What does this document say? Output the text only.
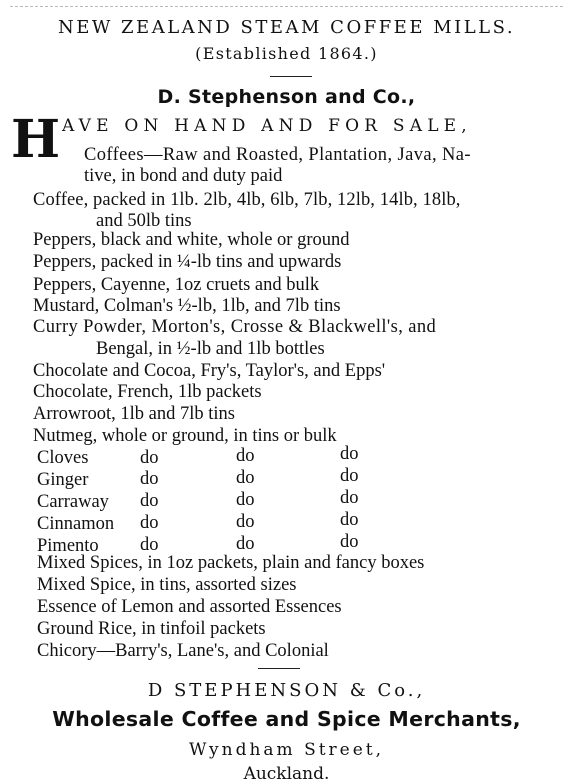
NEW ZEALAND STEAM COFFEE MILLS.
(Established 1864.)
D. Stephenson and Co.,
H AVE ON HAND AND FOR SALE,
Coffees—Raw and Roasted, Plantation, Java, Na-
tive, in bond and duty paid
Coffee, packed in 1lb. 2lb, 4lb, 6lb, 7lb, 12lb, 14lb, 18lb,
and 50lb tins
Peppers, black and white, whole or ground
Peppers, packed in ¼-lb tins and upwards
Peppers, Cayenne, 1oz cruets and bulk
Mustard, Colman's ½-lb, 1lb, and 7lb tins
Curry Powder, Morton's, Crosse & Blackwell's, and
Bengal, in ½-lb and 1lb bottles
Chocolate and Cocoa, Fry's, Taylor's, and Epps'
Chocolate, French, 1lb packets
Arrowroot, 1lb and 7lb tins
Nutmeg, whole or ground, in tins or bulk
Cloves	do	do	do
Ginger	do	do	do
Carraway do	do	do
Cinnamon do	do	do
Pimento do	do	do
Mixed Spices, in 1oz packets, plain and fancy boxes
Mixed Spice, in tins, assorted sizes
Essence of Lemon and assorted Essences
Ground Rice, in tinfoil packets
Chicory—Barry's, Lane's, and Colonial
D STEPHENSON & Co.,
Wholesale Coffee and Spice Merchants,
Wyndham Street,
Auckland.
